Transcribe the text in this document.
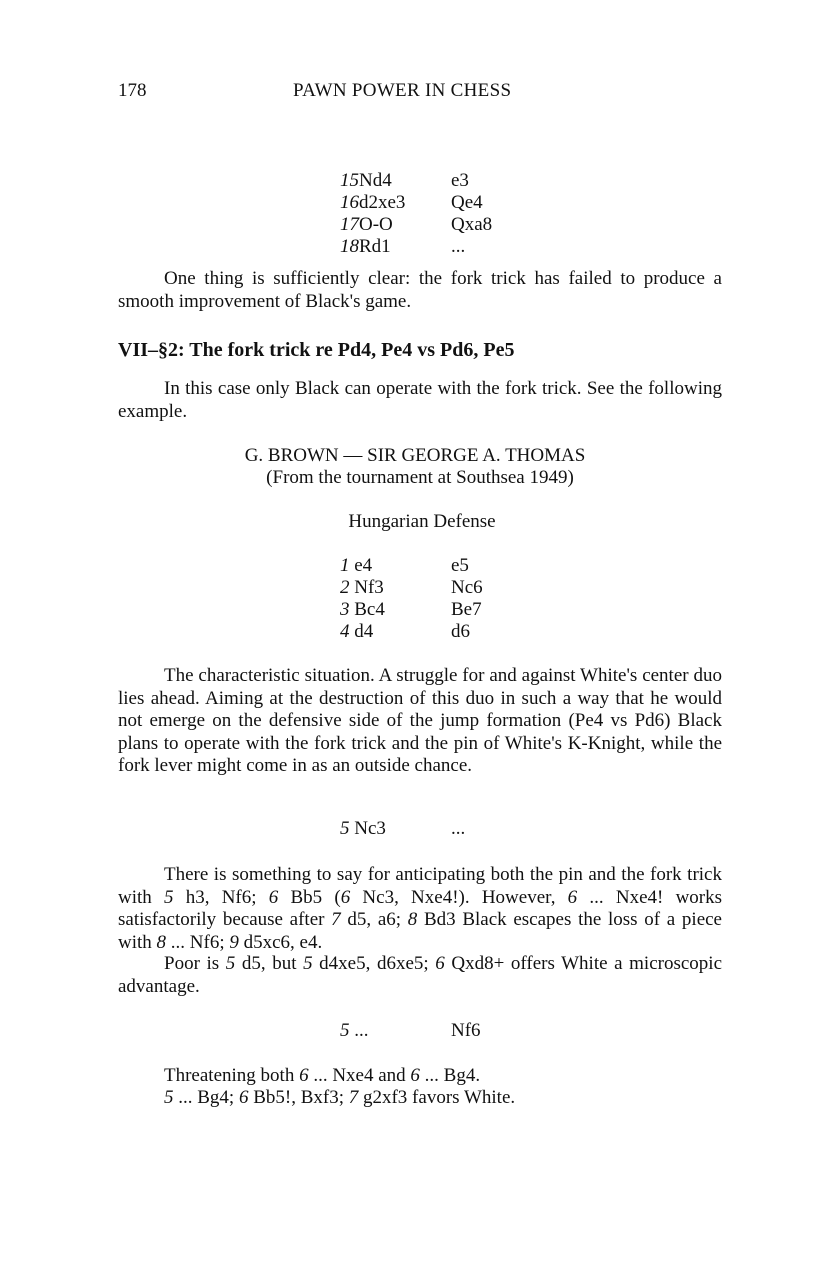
178	PAWN POWER IN CHESS
15Nd4	e3
16d2xe3 Qe4
17O-O	Qxa8
18Rd1	...

One thing is sufficiently clear: the fork trick has failed to produce a smooth improvement of Black's game.

VII–§2: The fork trick re Pd4, Pe4 vs Pd6, Pe5

In this case only Black can operate with the fork trick. See the following example.

G. BROWN — SIR GEORGE A. THOMAS
(From the tournament at Southsea 1949)
Hungarian Defense
1 e4	e5
2 Nf3	Nc6
3 Bc4	Be7
4 d4	d6

The characteristic situation. A struggle for and against White's center duo lies ahead. Aiming at the destruction of this duo in such a way that he would not emerge on the defensive side of the jump formation (Pe4 vs Pd6) Black plans to operate with the fork trick and the pin of White's K-Knight, while the fork lever might come in as an outside chance.

5 Nc3	...

There is something to say for anticipating both the pin and the fork trick with 5 h3, Nf6; 6 Bb5 (6 Nc3, Nxe4!). However, 6 ... Nxe4! works satisfactorily because after 7 d5, a6; 8 Bd3 Black escapes the loss of a piece with 8 ... Nf6; 9 d5xc6, e4.

Poor is 5 d5, but 5 d4xe5, d6xe5; 6 Qxd8+ offers White a microscopic advantage.

5 ...	Nf6

Threatening both 6 ... Nxe4 and 6 ... Bg4.

5 ... Bg4; 6 Bb5!, Bxf3; 7 g2xf3 favors White.
